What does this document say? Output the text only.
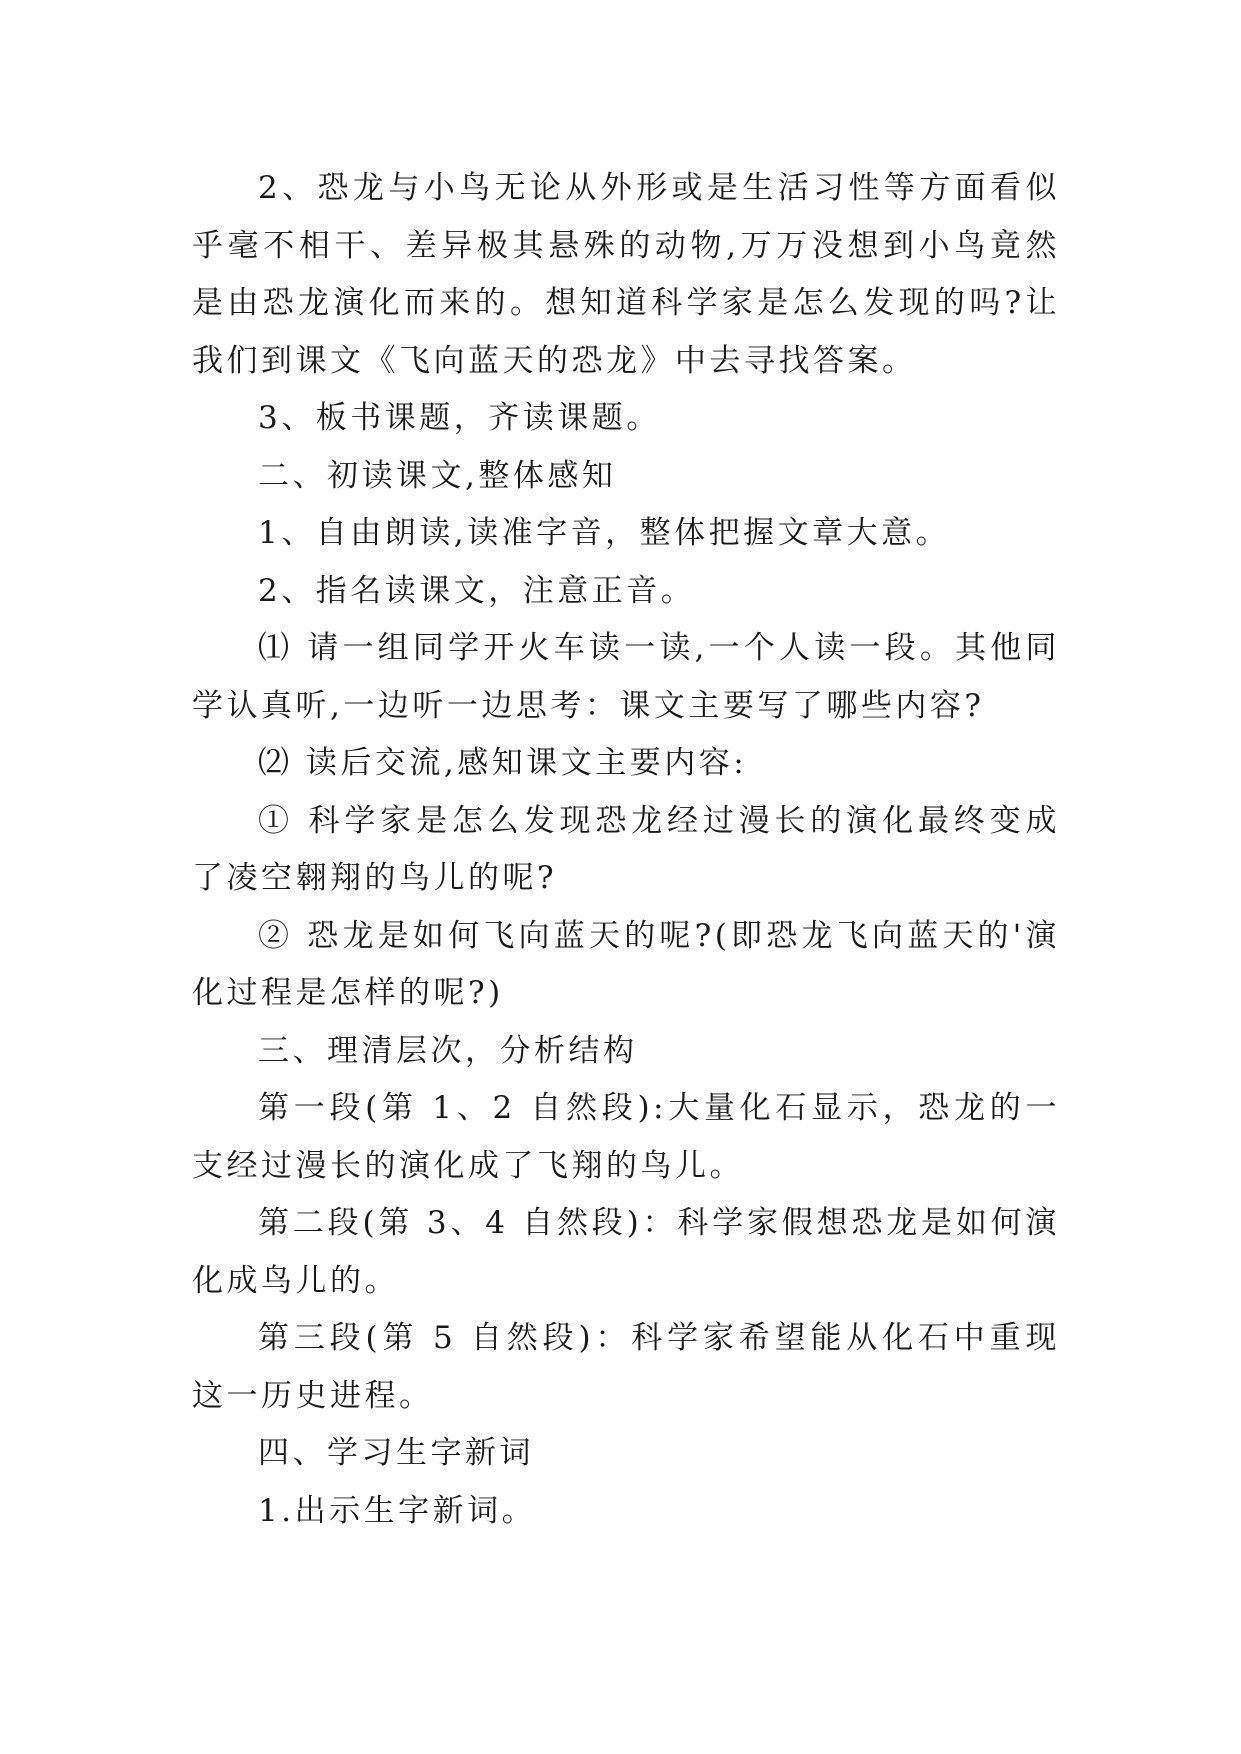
2、恐龙与小鸟无论从外形或是生活习性等方面看似乎毫不相干、差异极其悬殊的动物,万万没想到小鸟竟然是由恐龙演化而来的。想知道科学家是怎么发现的吗?让我们到课文《飞向蓝天的恐龙》中去寻找答案。

3、板书课题，齐读课题。

二、初读课文,整体感知

1、自由朗读,读准字音，整体把握文章大意。

2、指名读课文，注意正音。

⑴ 请一组同学开火车读一读,一个人读一段。其他同学认真听,一边听一边思考：课文主要写了哪些内容?

⑵ 读后交流,感知课文主要内容:

① 科学家是怎么发现恐龙经过漫长的演化最终变成了凌空翱翔的鸟儿的呢?

② 恐龙是如何飞向蓝天的呢?(即恐龙飞向蓝天的'演化过程是怎样的呢?)

三、理清层次，分析结构

第一段(第 1、2 自然段):大量化石显示，恐龙的一支经过漫长的演化成了飞翔的鸟儿。

第二段(第 3、4 自然段)：科学家假想恐龙是如何演化成鸟儿的。

第三段(第 5 自然段)：科学家希望能从化石中重现这一历史进程。

四、学习生字新词

1.出示生字新词。
